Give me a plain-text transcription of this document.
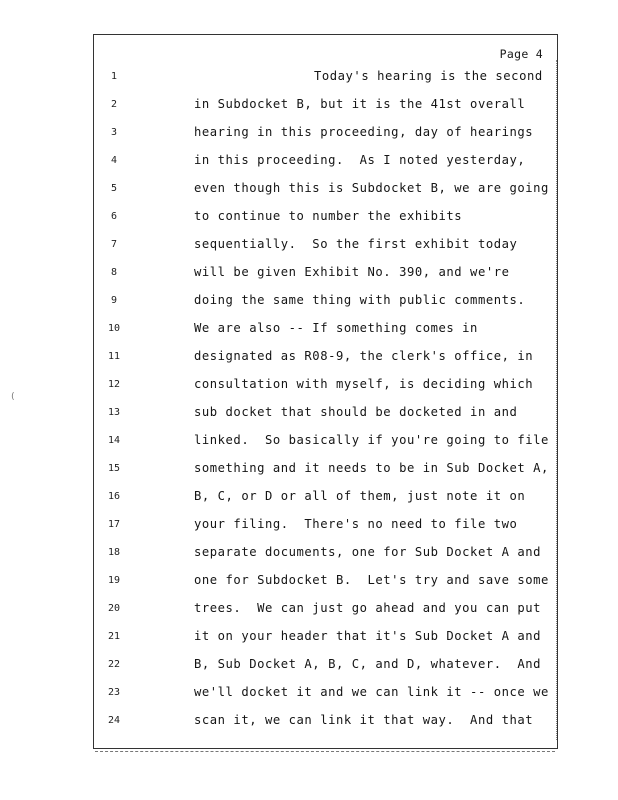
Page 4
1	Today's hearing is the second
2	in Subdocket B, but it is the 41st overall
3	hearing in this proceeding, day of hearings
4	in this proceeding.  As I noted yesterday,
5	even though this is Subdocket B, we are going
6	to continue to number the exhibits
7	sequentially.  So the first exhibit today
8	will be given Exhibit No. 390, and we're
9	doing the same thing with public comments.
10	We are also -- If something comes in
11	designated as R08-9, the clerk's office, in
12	consultation with myself, is deciding which
13	sub docket that should be docketed in and
14	linked.  So basically if you're going to file
15	something and it needs to be in Sub Docket A,
16	B, C, or D or all of them, just note it on
17	your filing.  There's no need to file two
18	separate documents, one for Sub Docket A and
19	one for Subdocket B.  Let's try and save some
20	trees.  We can just go ahead and you can put
21	it on your header that it's Sub Docket A and
22	B, Sub Docket A, B, C, and D, whatever.  And
23	we'll docket it and we can link it -- once we
24	scan it, we can link it that way.  And that
(
